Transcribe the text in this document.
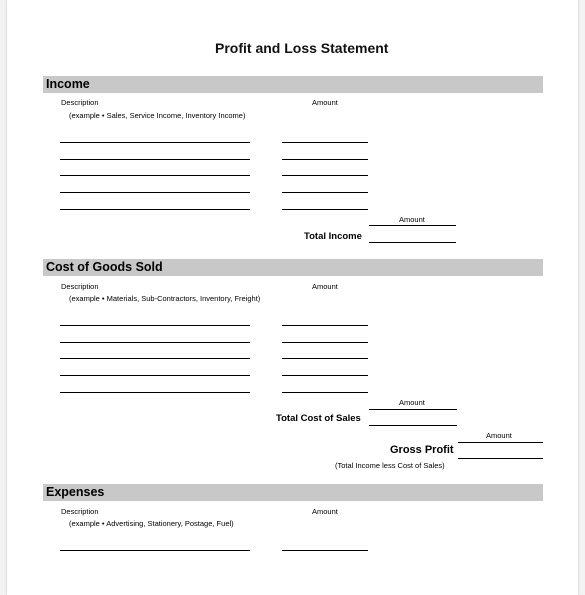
Profit and Loss Statement
Income
Description	Amount
(example • Sales, Service Income, Inventory Income)
Amount
Total Income
Cost of Goods Sold
Description	Amount
(example • Materials, Sub-Contractors, Inventory, Freight)
Amount
Total Cost of Sales
Amount
Gross Profit
(Total Income less Cost of Sales)
Expenses
Description	Amount
(example • Advertising, Stationery, Postage, Fuel)
